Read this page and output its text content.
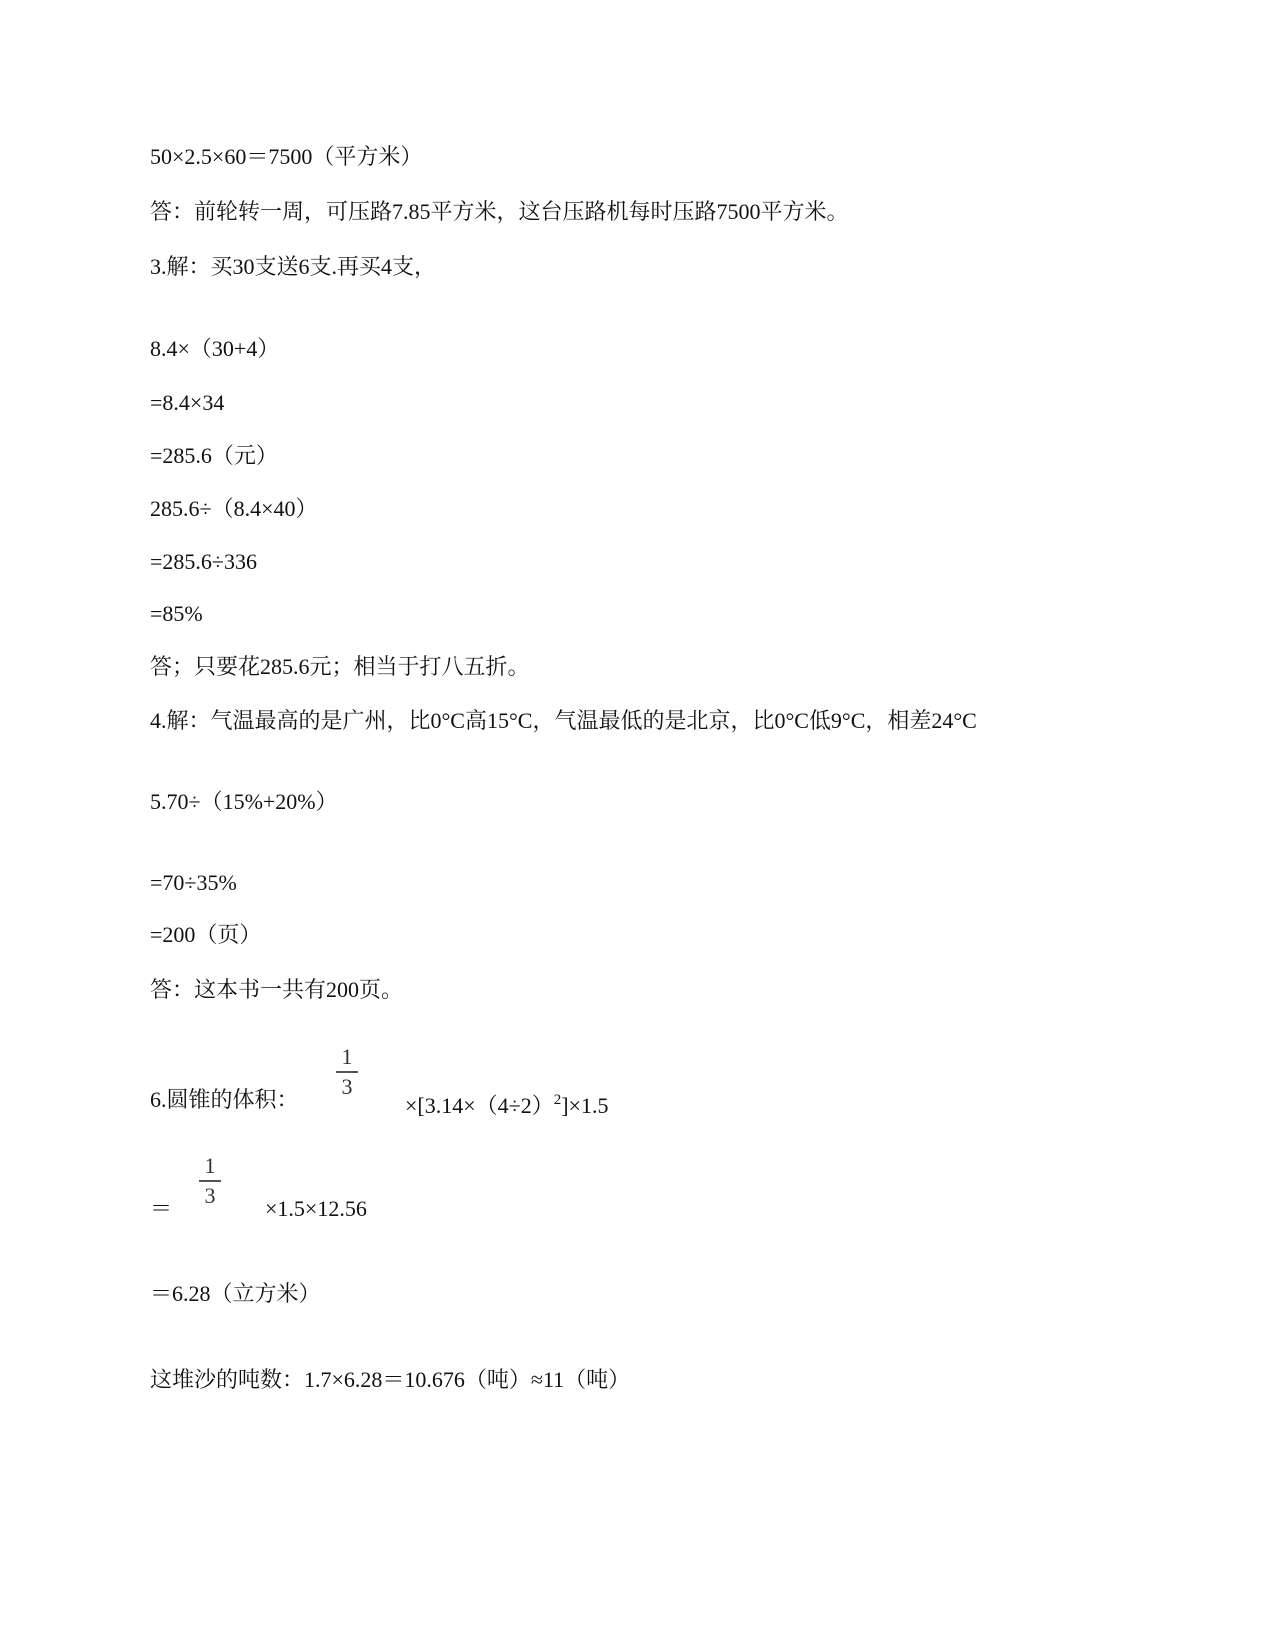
50×2.5×60＝7500（平方米）
答：前轮转一周，可压路7.85平方米，这台压路机每时压路7500平方米。
3.解：买30支送6支.再买4支，
8.4×（30+4）
=8.4×34
=285.6（元）
285.6÷（8.4×40）
=285.6÷336
=85%
答；只要花285.6元；相当于打八五折。
4.解：气温最高的是广州，比0°C高15°C，气温最低的是北京，比0°C低9°C，相差24°C
5.70÷（15%+20%）
=70÷35%
=200（页）
答：这本书一共有200页。
6.圆锥的体积：
1
3
$\times[3.14\times(4\div 2)^2]\times 1.5$
＝
1
3
×1.5×12.56
＝6.28（立方米）
这堆沙的吨数：1.7×6.28＝10.676（吨）≈11（吨）
